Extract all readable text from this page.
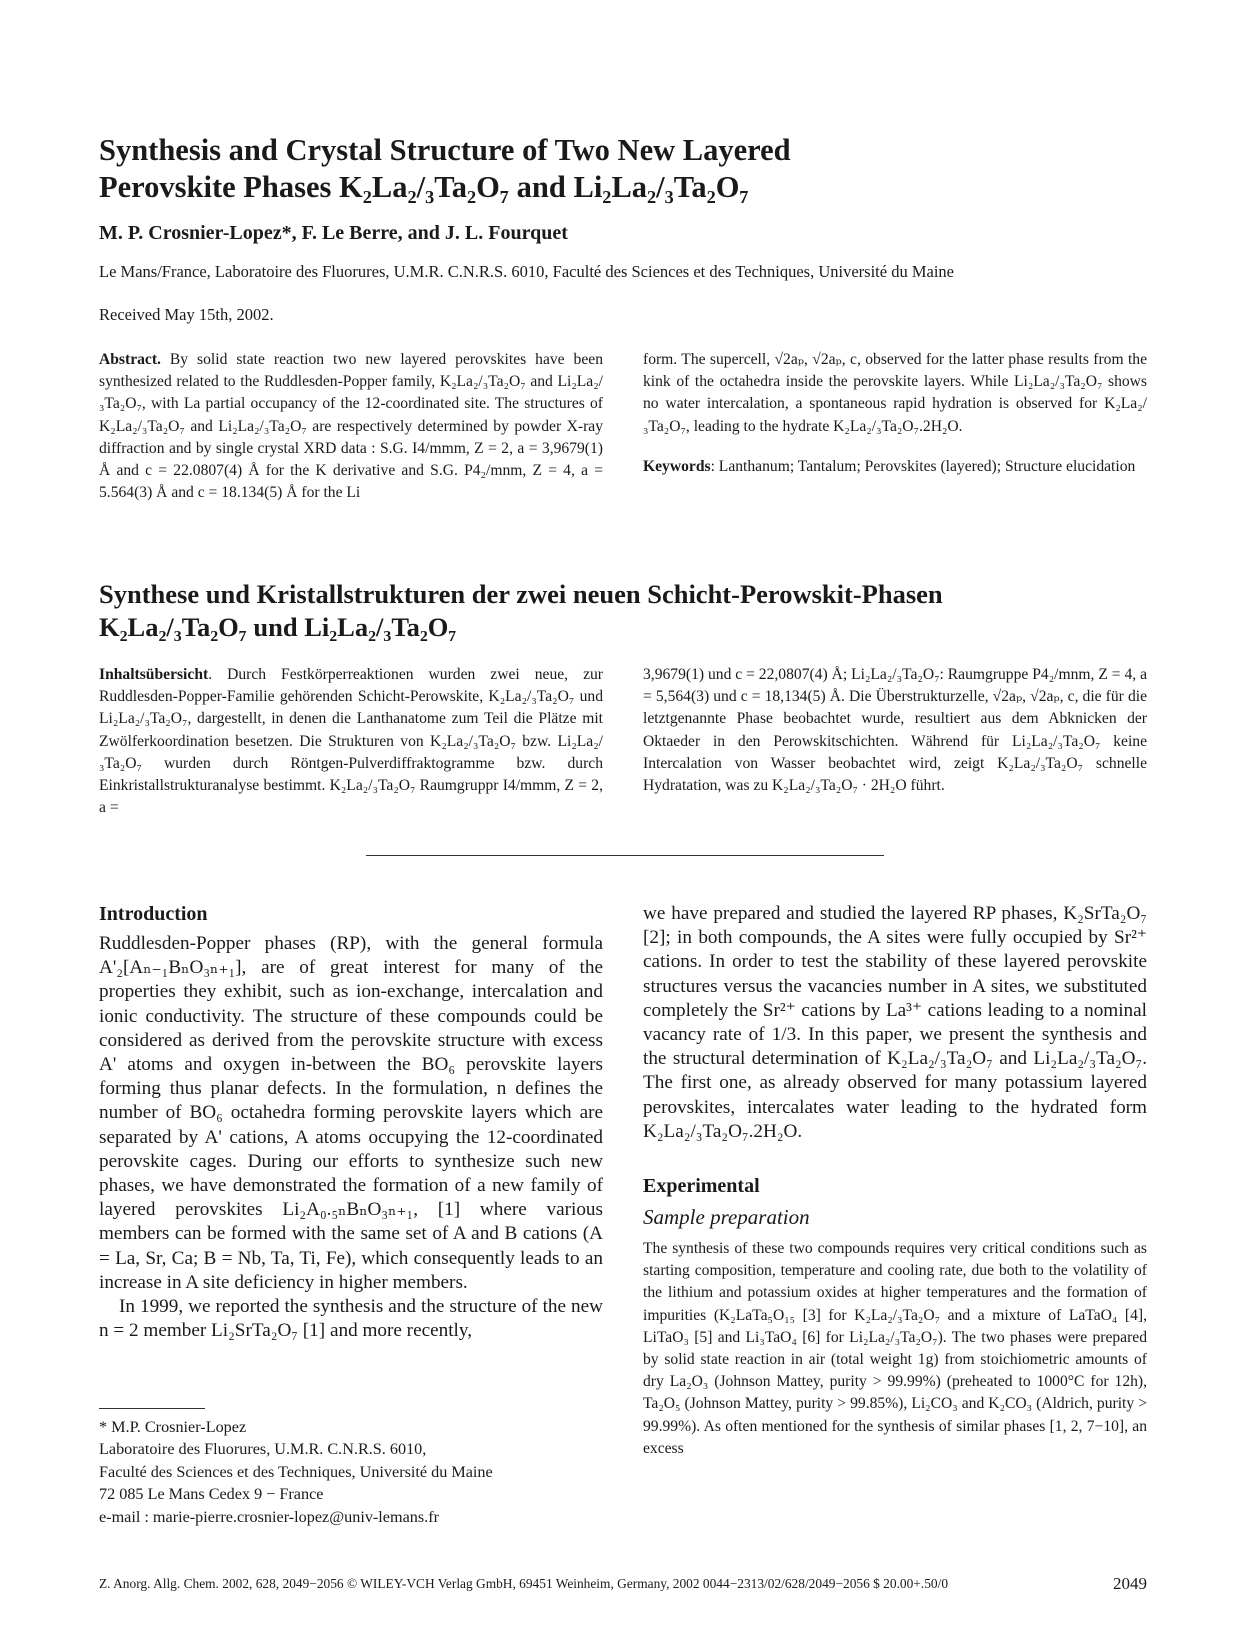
Synthesis and Crystal Structure of Two New Layered
Perovskite Phases K₂La₂/₃Ta₂O₇ and Li₂La₂/₃Ta₂O₇
M. P. Crosnier-Lopez*, F. Le Berre, and J. L. Fourquet
Le Mans/France, Laboratoire des Fluorures, U.M.R. C.N.R.S. 6010, Faculté des Sciences et des Techniques, Université du Maine
Received May 15th, 2002.

Abstract. By solid state reaction two new layered perovskites have been synthesized related to the Ruddlesden-Popper family, K₂La₂/₃Ta₂O₇ and Li₂La₂/₃Ta₂O₇, with La partial occupancy of the 12-coordinated site. The structures of K₂La₂/₃Ta₂O₇ and Li₂La₂/₃Ta₂O₇ are respectively determined by powder X-ray diffraction and by single crystal XRD data : S.G. I4/mmm, Z = 2, a = 3,9679(1) Å and c = 22.0807(4) Å for the K derivative and S.G. P4₂/mnm, Z = 4, a = 5.564(3) Å and c = 18.134(5) Å for the Li

form. The supercell, √2aₚ, √2aₚ, c, observed for the latter phase results from the kink of the octahedra inside the perovskite layers. While Li₂La₂/₃Ta₂O₇ shows no water intercalation, a spontaneous rapid hydration is observed for K₂La₂/₃Ta₂O₇, leading to the hydrate K₂La₂/₃Ta₂O₇.2H₂O.

Keywords: Lanthanum; Tantalum; Perovskites (layered); Structure elucidation

Synthese und Kristallstrukturen der zwei neuen Schicht-Perowskit-Phasen
K₂La₂/₃Ta₂O₇ und Li₂La₂/₃Ta₂O₇

Inhaltsübersicht. Durch Festkörperreaktionen wurden zwei neue, zur Ruddlesden-Popper-Familie gehörenden Schicht-Perowskite, K₂La₂/₃Ta₂O₇ und Li₂La₂/₃Ta₂O₇, dargestellt, in denen die Lanthanatome zum Teil die Plätze mit Zwölferkoordination besetzen. Die Strukturen von K₂La₂/₃Ta₂O₇ bzw. Li₂La₂/₃Ta₂O₇ wurden durch Röntgen-Pulverdiffraktogramme bzw. durch Einkristallstrukturanalyse bestimmt. K₂La₂/₃Ta₂O₇ Raumgruppr I4/mmm, Z = 2, a =

3,9679(1) und c = 22,0807(4) Å; Li₂La₂/₃Ta₂O₇: Raumgruppe P4₂/mnm, Z = 4, a = 5,564(3) und c = 18,134(5) Å. Die Überstrukturzelle, √2aₚ, √2aₚ, c, die für die letztgenannte Phase beobachtet wurde, resultiert aus dem Abknicken der Oktaeder in den Perowskitschichten. Während für Li₂La₂/₃Ta₂O₇ keine Intercalation von Wasser beobachtet wird, zeigt K₂La₂/₃Ta₂O₇ schnelle Hydratation, was zu K₂La₂/₃Ta₂O₇ · 2H₂O führt.

Introduction

Ruddlesden-Popper phases (RP), with the general formula A'₂[Aₙ₋₁BₙO₃ₙ₊₁], are of great interest for many of the properties they exhibit, such as ion-exchange, intercalation and ionic conductivity. The structure of these compounds could be considered as derived from the perovskite structure with excess A' atoms and oxygen in-between the BO₆ perovskite layers forming thus planar defects. In the formulation, n defines the number of BO₆ octahedra forming perovskite layers which are separated by A' cations, A atoms occupying the 12-coordinated perovskite cages. During our efforts to synthesize such new phases, we have demonstrated the formation of a new family of layered perovskites Li₂A₀.₅ₙBₙO₃ₙ₊₁, [1] where various members can be formed with the same set of A and B cations (A = La, Sr, Ca; B = Nb, Ta, Ti, Fe), which consequently leads to an increase in A site deficiency in higher members.

In 1999, we reported the synthesis and the structure of the new n = 2 member Li₂SrTa₂O₇ [1] and more recently,

we have prepared and studied the layered RP phases, K₂SrTa₂O₇ [2]; in both compounds, the A sites were fully occupied by Sr²⁺ cations. In order to test the stability of these layered perovskite structures versus the vacancies number in A sites, we substituted completely the Sr²⁺ cations by La³⁺ cations leading to a nominal vacancy rate of 1/3. In this paper, we present the synthesis and the structural determination of K₂La₂/₃Ta₂O₇ and Li₂La₂/₃Ta₂O₇. The first one, as already observed for many potassium layered perovskites, intercalates water leading to the hydrated form K₂La₂/₃Ta₂O₇.2H₂O.

Experimental
Sample preparation

The synthesis of these two compounds requires very critical conditions such as starting composition, temperature and cooling rate, due both to the volatility of the lithium and potassium oxides at higher temperatures and the formation of impurities (K₂LaTa₅O₁₅ [3] for K₂La₂/₃Ta₂O₇ and a mixture of LaTaO₄ [4], LiTaO₃ [5] and Li₃TaO₄ [6] for Li₂La₂/₃Ta₂O₇). The two phases were prepared by solid state reaction in air (total weight 1g) from stoichiometric amounts of dry La₂O₃ (Johnson Mattey, purity > 99.99%) (preheated to 1000°C for 12h), Ta₂O₅ (Johnson Mattey, purity > 99.85%), Li₂CO₃ and K₂CO₃ (Aldrich, purity > 99.99%). As often mentioned for the synthesis of similar phases [1, 2, 7−10], an excess

* M.P. Crosnier-Lopez
Laboratoire des Fluorures, U.M.R. C.N.R.S. 6010,
Faculté des Sciences et des Techniques, Université du Maine
72 085 Le Mans Cedex 9 − France
e-mail : marie-pierre.crosnier-lopez@univ-lemans.fr
Z. Anorg. Allg. Chem. 2002, 628, 2049−2056 © WILEY-VCH Verlag GmbH, 69451 Weinheim, Germany, 2002 0044−2313/02/628/2049−2056 $ 20.00+.50/0	2049
